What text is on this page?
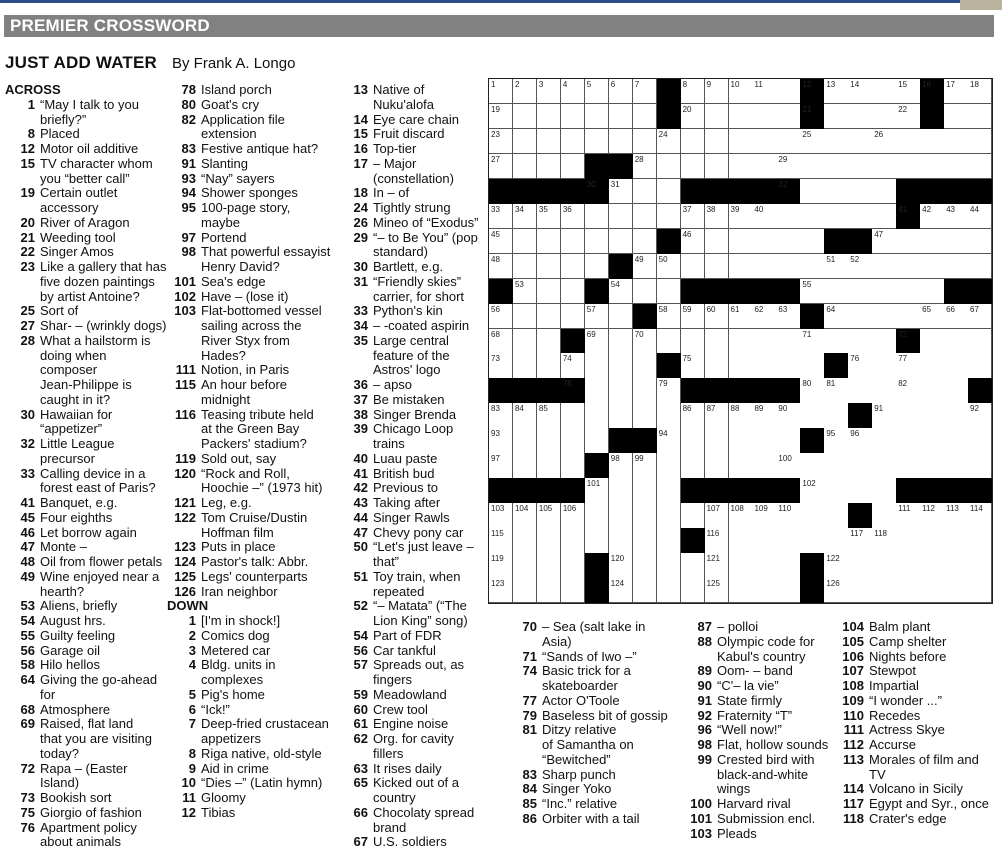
PREMIER CROSSWORD
JUST ADD WATER By Frank A. Longo
ACROSS
1 “May I talk to you
briefly?”
8 Placed
12 Motor oil additive
15 TV character whom
you “better call”
19 Certain outlet
accessory
20 River of Aragon
21 Weeding tool
22 Singer Amos
23 Like a gallery that has
five dozen paintings
by artist Antoine?
25 Sort of
27 Shar- – (wrinkly dogs)
28 What a hailstorm is
doing when composer
Jean-Philippe is
caught in it?
30 Hawaiian for
“appetizer”
32 Little League
precursor
33 Calling device in a
forest east of Paris?
41 Banquet, e.g.
45 Four eighths
46 Let borrow again
47 Monte –
48 Oil from flower petals
49 Wine enjoyed near a
hearth?
53 Aliens, briefly
54 August hrs.
55 Guilty feeling
56 Garage oil
58 Hilo hellos
64 Giving the go-ahead
for
68 Atmosphere
69 Raised, flat land
that you are visiting
today?
72 Rapa – (Easter Island)
73 Bookish sort
75 Giorgio of fashion
76 Apartment policy
about animals
78 Island porch
80 Goat's cry
82 Application file
extension
83 Festive antique hat?
91 Slanting
93 “Nay” sayers
94 Shower sponges
95 100-page story,
maybe
97 Portend
98 That powerful essayist
Henry David?
101 Sea's edge
102 Have – (lose it)
103 Flat-bottomed vessel
sailing across the
River Styx from
Hades?
111 Notion, in Paris
115 An hour before
midnight
116 Teasing tribute held
at the Green Bay
Packers' stadium?
119 Sold out, say
120 “Rock and Roll,
Hoochie –” (1973 hit)
121 Leg, e.g.
122 Tom Cruise/Dustin
Hoffman film
123 Puts in place
124 Pastor's talk: Abbr.
125 Legs' counterparts
126 Iran neighbor
DOWN
1 [I'm in shock!]
2 Comics dog
3 Metered car
4 Bldg. units in
complexes
5 Pig's home
6 “Ick!”
7 Deep-fried crustacean
appetizers
8 Riga native, old-style
9 Aid in crime
10 “Dies –” (Latin hymn)
11 Gloomy
12 Tibias
13 Native of
Nuku'alofa
14 Eye care chain
15 Fruit discard
16 Top-tier
17 – Major
(constellation)
18 In – of
24 Tightly strung
26 Mineo of “Exodus”
29 “– to Be You” (pop
standard)
30 Bartlett, e.g.
31 “Friendly skies”
carrier, for short
33 Python's kin
34 – -coated aspirin
35 Large central
feature of the
Astros' logo
36 – apso
37 Be mistaken
38 Singer Brenda
39 Chicago Loop trains
40 Luau paste
41 British bud
42 Previous to
43 Taking after
44 Singer Rawls
47 Chevy pony car
50 “Let's just leave –
that”
51 Toy train, when
repeated
52 “– Matata” (“The
Lion King” song)
54 Part of FDR
56 Car tankful
57 Spreads out, as
fingers
59 Meadowland
60 Crew tool
61 Engine noise
62 Org. for cavity fillers
63 It rises daily
65 Kicked out of a
country
66 Chocolaty spread
brand
67 U.S. soldiers
70 – Sea (salt lake in
Asia)
71 “Sands of Iwo –”
74 Basic trick for a
skateboarder
77 Actor O'Toole
79 Baseless bit of gossip
81 Ditzy relative
of Samantha on
“Bewitched”
83 Sharp punch
84 Singer Yoko
85 “Inc.” relative
86 Orbiter with a tail
87 – polloi
88 Olympic code for
Kabul's country
89 Oom- – band
90 “C'– la vie”
91 State firmly
92 Fraternity “T”
96 “Well now!”
98 Flat, hollow sounds
99 Crested bird with
black-and-white wings
100 Harvard rival
101 Submission encl.
103 Pleads
104 Balm plant
105 Camp shelter
106 Nights before
107 Stewpot
108 Impartial
109 “I wonder ...”
110 Recedes
111 Actress Skye
112 Accurse
113 Morales of film and
TV
114 Volcano in Sicily
117 Egypt and Syr., once
118 Crater's edge
1 2 3 4 5 6 7	8 9 10 11	12 13 14	15 16 17 18
19	20	21	22
23	24	25	26
27	28	29
30 31	32
33 34 35 36	37 38 39 40	41 42 43 44
45	46	47
48	49 50	51 52
53	54	55
56	57	58 59 60 61 62 63	64	65 66 67
68	69	70	71	72
73	74	75	76	77
78	79	80 81	82
83 84 85	86 87 88 89 90	91	92
93	94	95 96
97	98 99	100
101	102
103 104 105 106	107 108 109 110	111 112 113 114
115	116	117 118
119	120	121	122
123	124	125	126
